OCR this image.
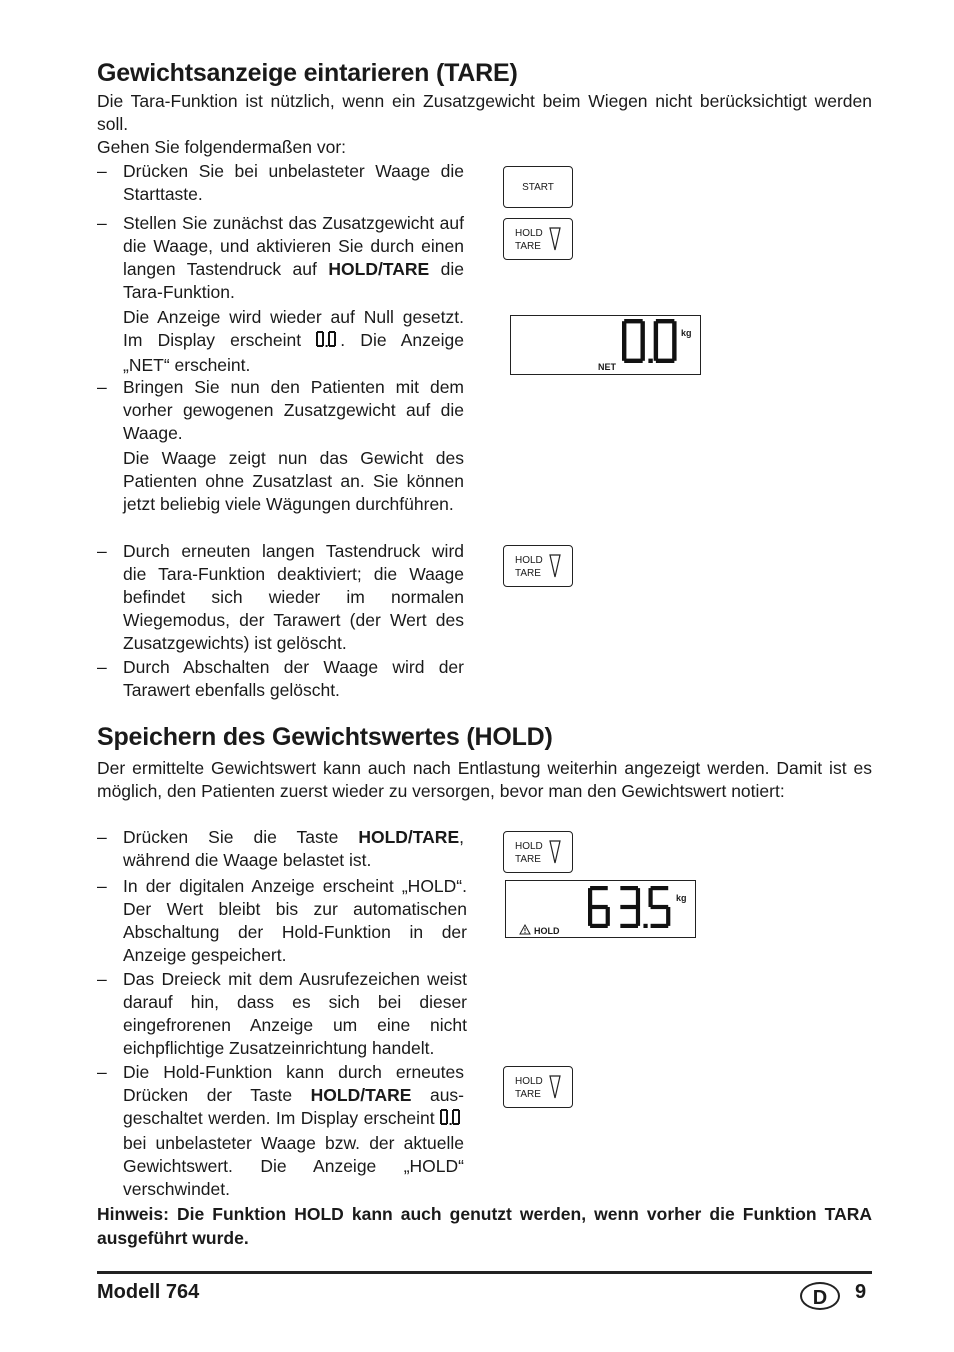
Gewichtsanzeige eintarieren (TARE)

Die Tara-Funktion ist nützlich, wenn ein Zusatzgewicht beim Wiegen nicht berücksichtigt werden soll.

Gehen Sie folgendermaßen vor:

– Drücken Sie bei unbelasteter Waage die Starttaste.

– Stellen Sie zunächst das Zusatzgewicht auf die Waage, und aktivieren Sie durch einen langen Tastendruck auf HOLD/TARE die Tara-Funktion.

Die Anzeige wird wieder auf Null gesetzt. Im Display erscheint . Die Anzeige „NET“ erscheint.

– Bringen Sie nun den Patienten mit dem vorher gewogenen Zusatzgewicht auf die Waage.

Die Waage zeigt nun das Gewicht des Patienten ohne Zusatzlast an. Sie können jetzt beliebig viele Wägungen durchführen.

– Durch erneuten langen Tastendruck wird die Tara-Funktion deaktiviert; die Waage befindet sich wieder im normalen Wiegemodus, der Tarawert (der Wert des Zusatzgewichts) ist gelöscht.

– Durch Abschalten der Waage wird der Tarawert ebenfalls gelöscht.

START
HOLD
TARE
kg
NET
HOLD
TARE
Speichern des Gewichtswertes (HOLD)

Der ermittelte Gewichtswert kann auch nach Entlastung weiterhin angezeigt werden. Damit ist es möglich, den Patienten zuerst wieder zu versorgen, bevor man den Gewichtswert notiert:

– Drücken Sie die Taste HOLD/TARE, während die Waage belastet ist.

– In der digitalen Anzeige erscheint „HOLD“. Der Wert bleibt bis zur automatischen Abschaltung der Hold-Funktion in der Anzeige gespeichert.

– Das Dreieck mit dem Ausrufezeichen weist darauf hin, dass es sich bei dieser eingefrorenen Anzeige um eine nicht eichpflichtige Zusatzeinrichtung handelt.

– Die Hold-Funktion kann durch erneutes Drücken der Taste HOLD/TARE ausgeschaltet werden. Im Display erscheint  bei unbelasteter Waage bzw. der aktuelle Gewichtswert. Die Anzeige „HOLD“ verschwindet.

HOLD
TARE
kg
HOLD
HOLD
TARE
Hinweis: Die Funktion HOLD kann auch genutzt werden, wenn vorher die Funktion TARA ausgeführt wurde.
Modell 764	D	9
